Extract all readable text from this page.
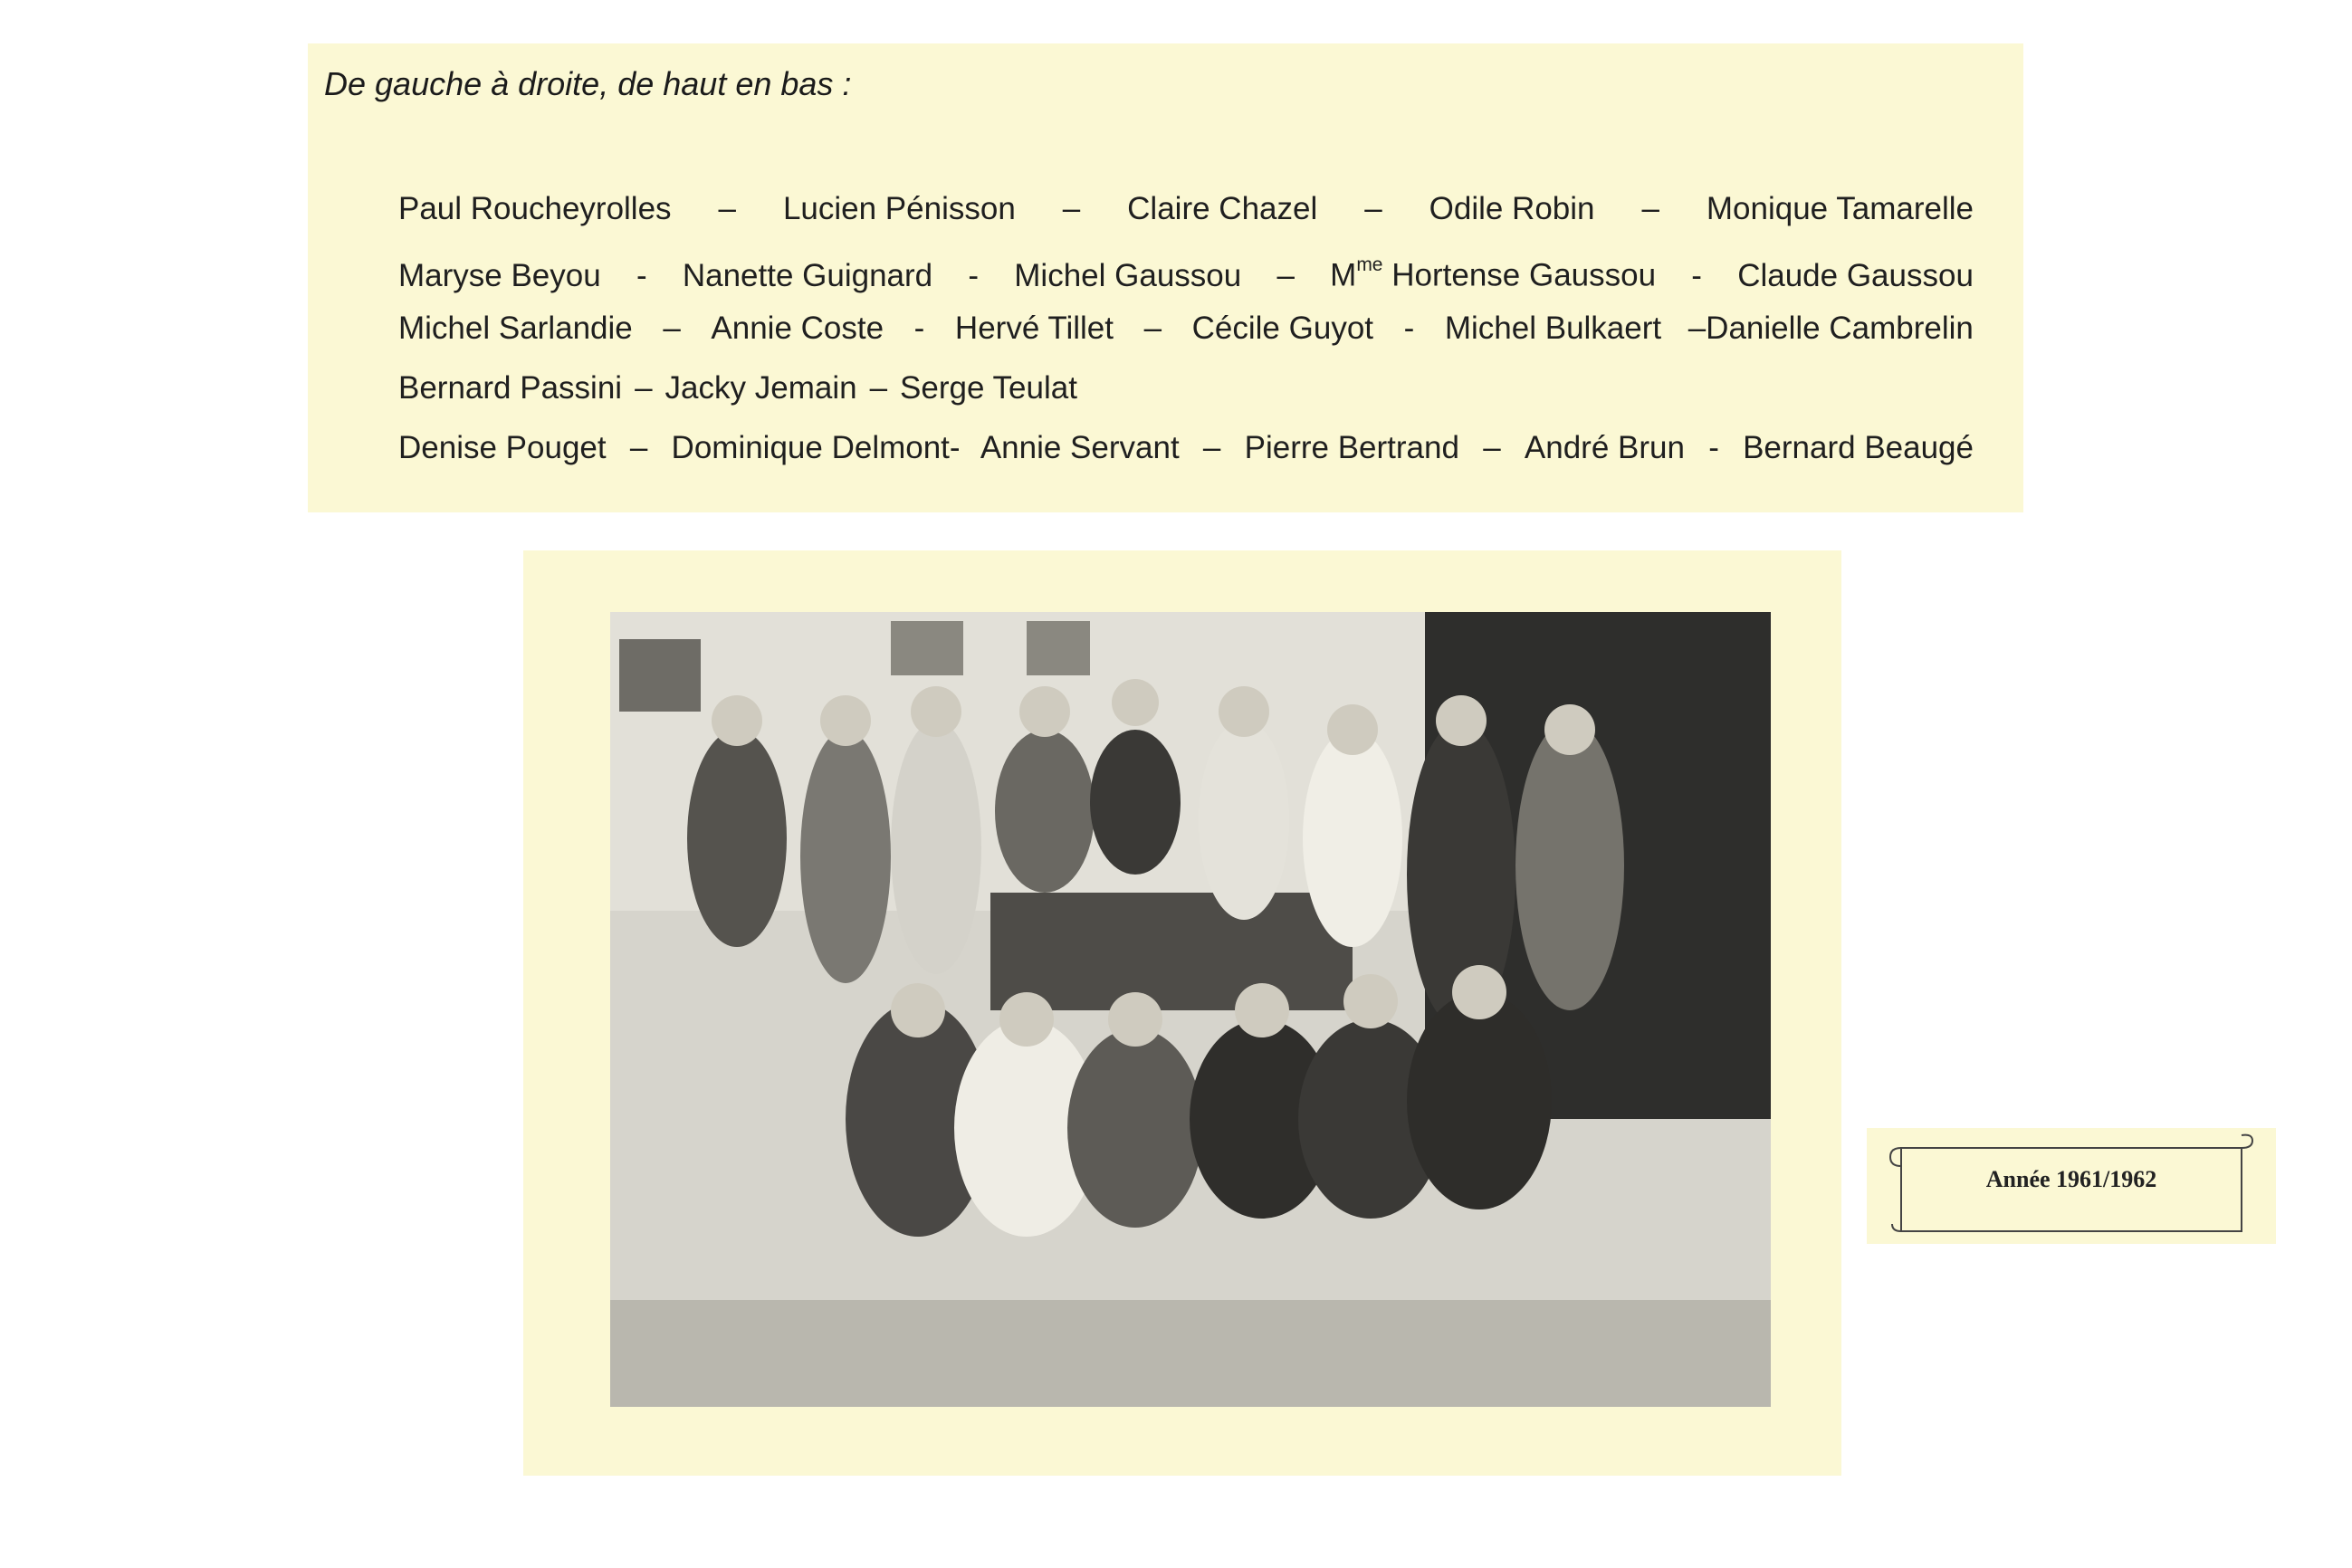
De gauche à droite, de haut en bas :
Paul Roucheyrolles – Lucien Pénisson – Claire Chazel – Odile Robin – Monique Tamarelle
Maryse Beyou - Nanette Guignard - Michel Gaussou – $M^{me}$ Hortense Gaussou - Claude Gaussou
Michel Sarlandie – Annie Coste - Hervé Tillet – Cécile Guyot - Michel Bulkaert –Danielle Cambrelin
Bernard Passini – Jacky Jemain – Serge Teulat
Denise Pouget – Dominique Delmont- Annie Servant – Pierre Bertrand – André Brun - Bernard Beaugé
Année 1961/1962
